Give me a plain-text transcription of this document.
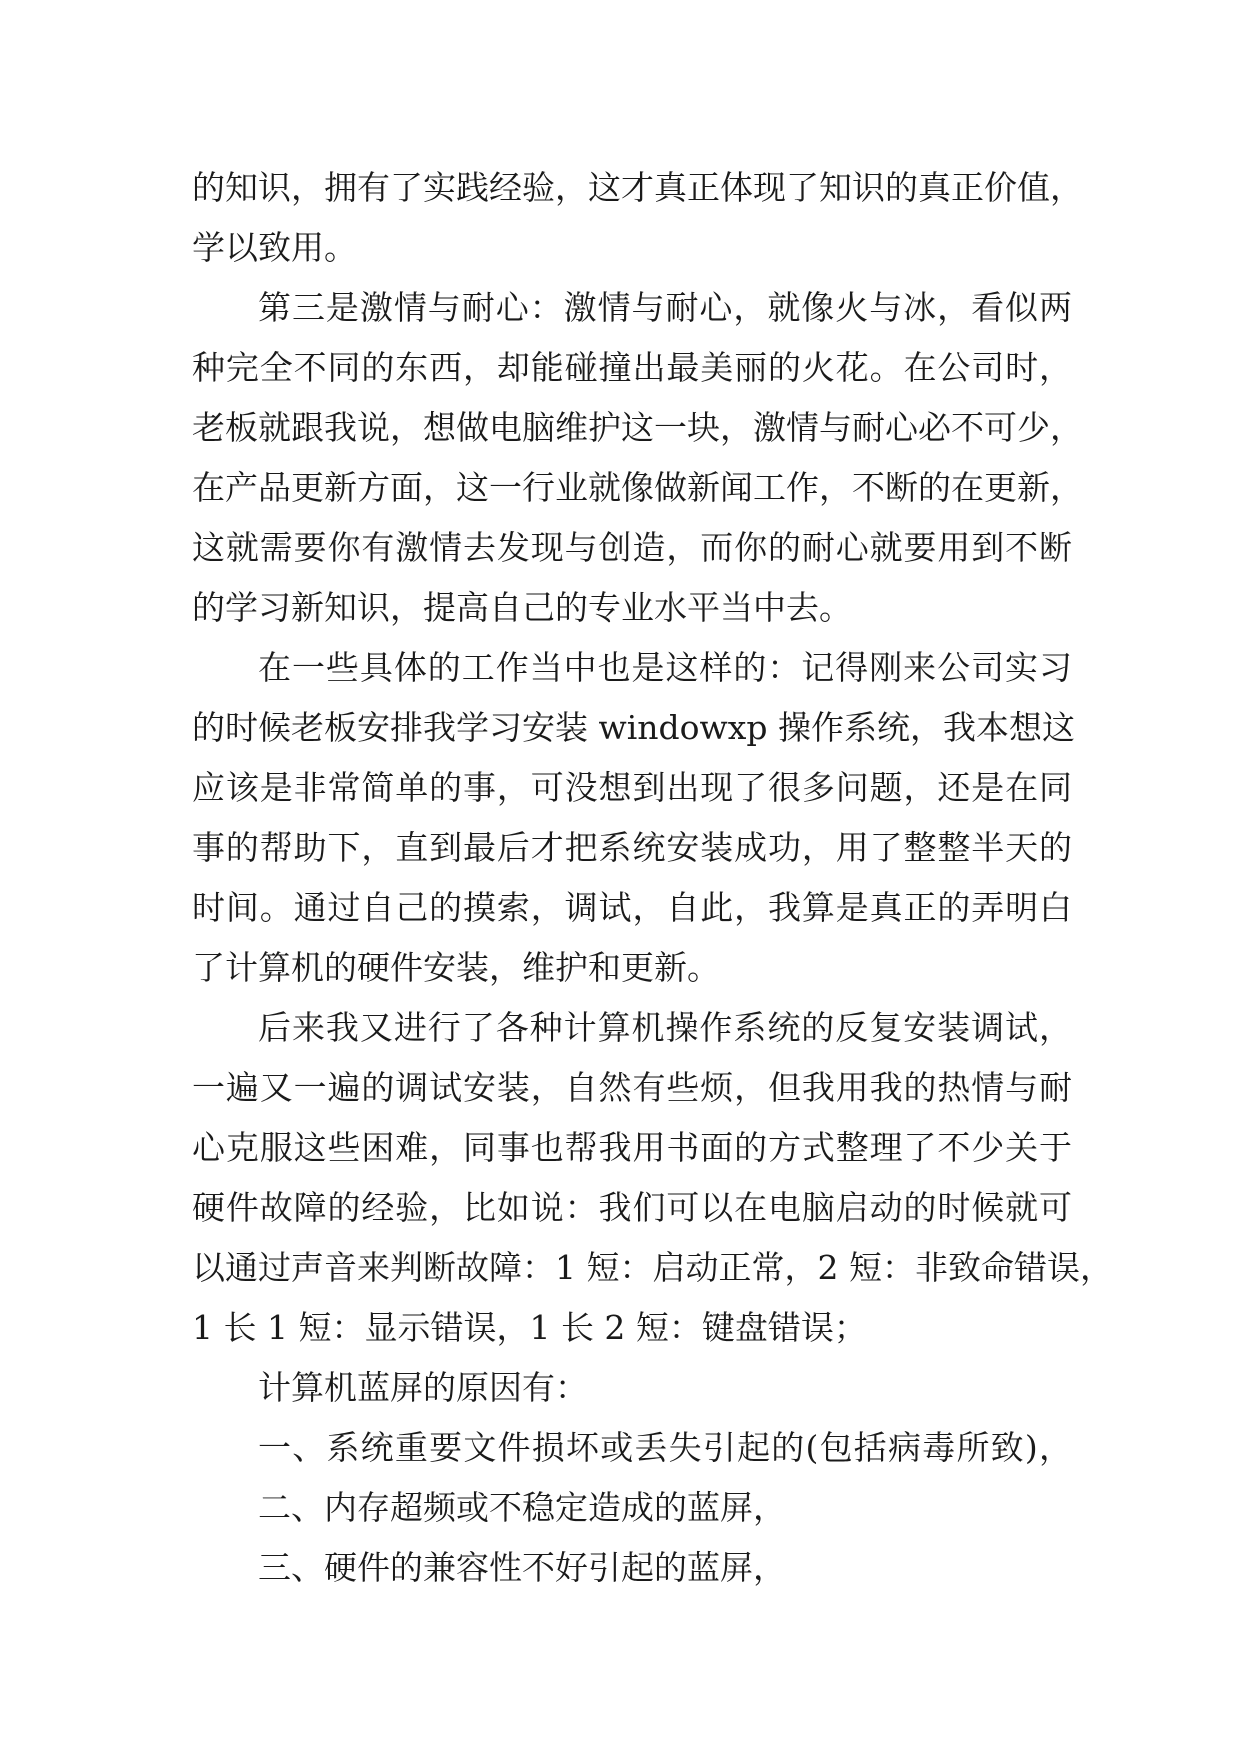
的知识，拥有了实践经验，这才真正体现了知识的真正价值，

学以致用。

第三是激情与耐心：激情与耐心，就像火与冰，看似两

种完全不同的东西，却能碰撞出最美丽的火花。在公司时，

老板就跟我说，想做电脑维护这一块，激情与耐心必不可少，

在产品更新方面，这一行业就像做新闻工作，不断的在更新，

这就需要你有激情去发现与创造，而你的耐心就要用到不断

的学习新知识，提高自己的专业水平当中去。

在一些具体的工作当中也是这样的：记得刚来公司实习

的时候老板安排我学习安装 windowxp 操作系统，我本想这

应该是非常简单的事，可没想到出现了很多问题，还是在同

事的帮助下，直到最后才把系统安装成功，用了整整半天的

时间。通过自己的摸索，调试，自此，我算是真正的弄明白

了计算机的硬件安装，维护和更新。

后来我又进行了各种计算机操作系统的反复安装调试，

一遍又一遍的调试安装，自然有些烦，但我用我的热情与耐

心克服这些困难，同事也帮我用书面的方式整理了不少关于

硬件故障的经验，比如说：我们可以在电脑启动的时候就可

以通过声音来判断故障：1 短：启动正常，2 短：非致命错误，

1 长 1 短：显示错误，1 长 2 短：键盘错误；

计算机蓝屏的原因有：

一、系统重要文件损坏或丢失引起的(包括病毒所致)，

二、内存超频或不稳定造成的蓝屏，

三、硬件的兼容性不好引起的蓝屏，
